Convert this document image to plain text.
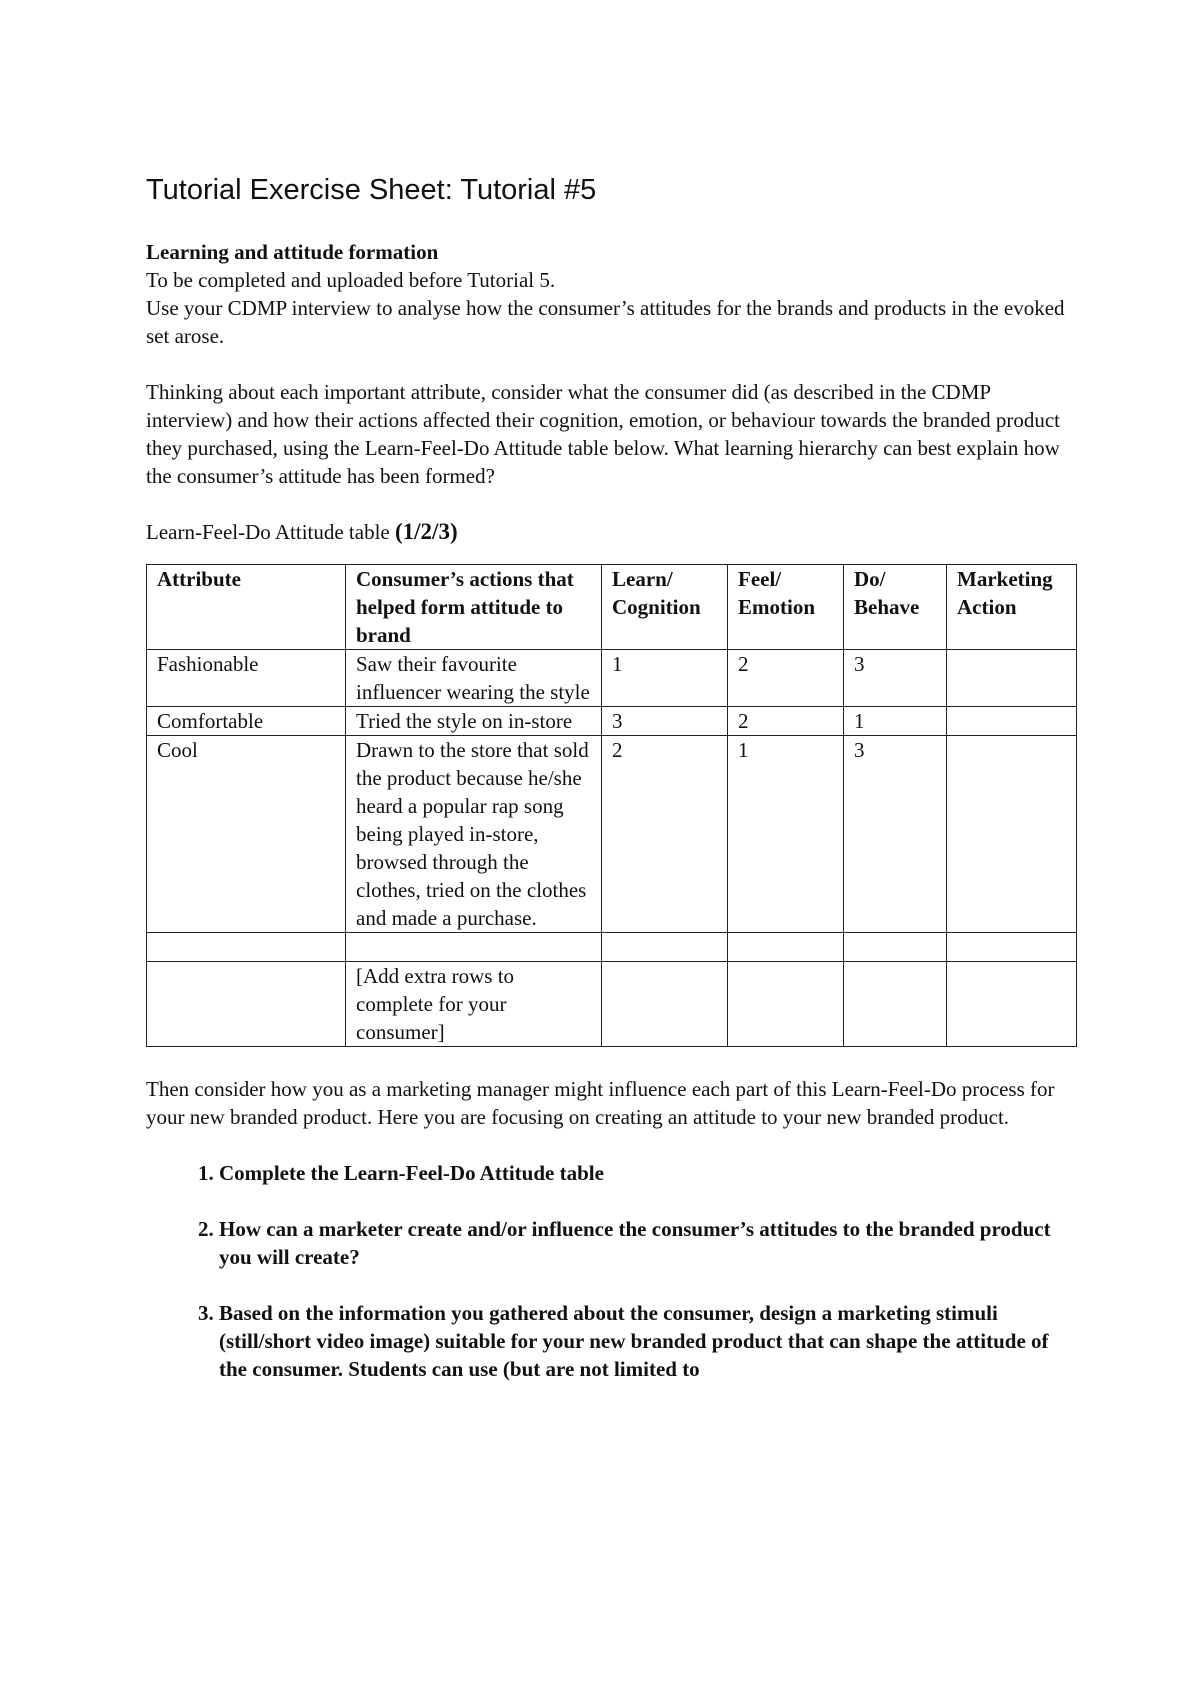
Tutorial Exercise Sheet: Tutorial #5

Learning and attitude formation

To be completed and uploaded before Tutorial 5.

Use your CDMP interview to analyse how the consumer’s attitudes for the brands and products in the evoked set arose.

Thinking about each important attribute, consider what the consumer did (as described in the CDMP interview) and how their actions affected their cognition, emotion, or behaviour towards the branded product they purchased, using the Learn-Feel-Do Attitude table below. What learning hierarchy can best explain how the consumer’s attitude has been formed?

Learn-Feel-Do Attitude table (1/2/3)

Attribute	Consumer’s actions that helped form attitude to brand	Learn/ Cognition	Feel/ Emotion	Do/ Behave	Marketing Action
Fashionable	Saw their favourite influencer wearing the style	1	2	3	
Comfortable	Tried the style on in-store	3	2	1	
Cool	Drawn to the store that sold the product because he/she heard a popular rap song being played in-store, browsed through the clothes, tried on the clothes and made a purchase.	2	1	3	

	[Add extra rows to complete for your consumer]				

Then consider how you as a marketing manager might influence each part of this Learn-Feel-Do process for your new branded product. Here you are focusing on creating an attitude to your new branded product.

1. Complete the Learn-Feel-Do Attitude table
2. How can a marketer create and/or influence the consumer’s attitudes to the branded product you will create?
3. Based on the information you gathered about the consumer, design a marketing stimuli (still/short video image) suitable for your new branded product that can shape the attitude of the consumer. Students can use (but are not limited to
